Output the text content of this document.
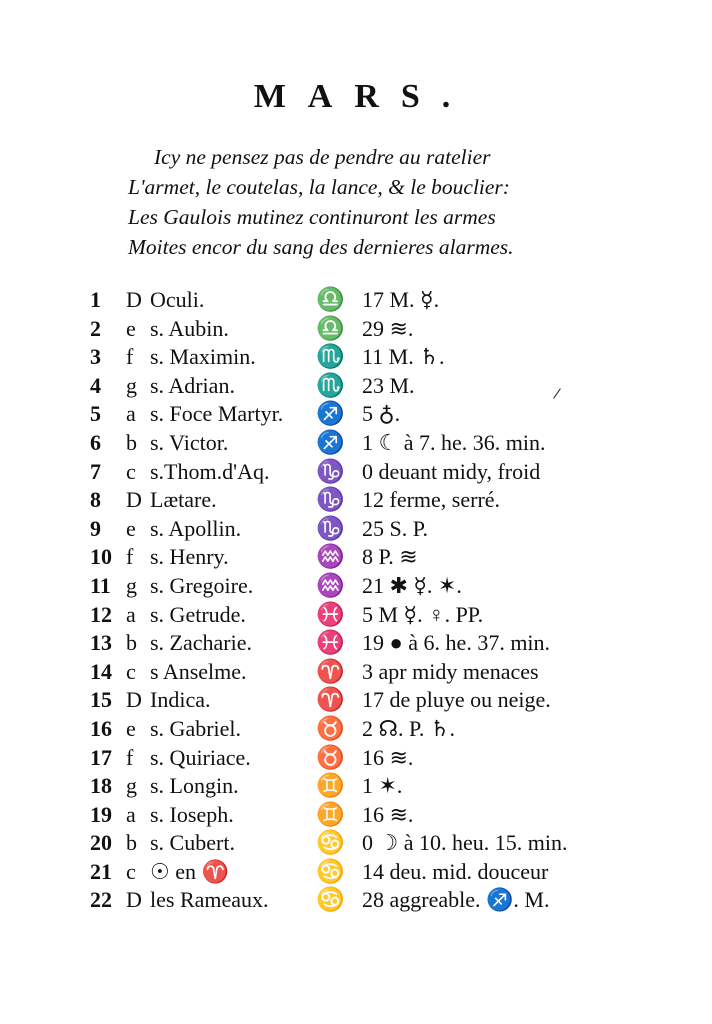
MARS.
Icy ne pensez pas de pendre au ratelier
L'armet, le coutelas, la lance, & le bouclier:
Les Gaulois mutinez continuront les armes
Moites encor du sang des dernieres alarmes.
1	D Oculi.	♎ 17 M. ☿.
2	e s. Aubin.	♎ 29 ≋.
3	f s. Maximin.	♏ 11 M. ♄.
4	g s. Adrian.	♏ 23 M.
5	a s. Foce Martyr.	♐ 5 ♁.
6	b s. Victor.	♐ 1 ☾ à 7. he. 36. min.
7	c s.Thom.d'Aq.	♑ 0 deuant midy, froid
8	D Lætare.	♑ 12 ferme, serré.
9	e s. Apollin.	♑ 25 S. P.
10 f s. Henry.	♒ 8 P. ≋
11 g s. Gregoire.	♒ 21 ✱ ☿. ✶.
12 a s. Getrude.	♓ 5 M ☿. ♀. PP.
13 b s. Zacharie.	♓ 19 ● à 6. he. 37. min.
14 c s Anselme.	♈ 3 apr midy menaces
15 D Indica.	♈ 17 de pluye ou neige.
16 e s. Gabriel.	♉ 2 ☊. P. ♄.
17 f s. Quiriace.	♉ 16 ≋.
18 g s. Longin.	♊ 1 ✶.
19 a s. Ioseph.	♊ 16 ≋.
20 b s. Cubert.	♋ 0 ☽ à 10. heu. 15. min.
21 c ☉ en ♈	♋ 14 deu. mid. douceur
22 D les Rameaux.	♋ 28 aggreable. ♐. M.
